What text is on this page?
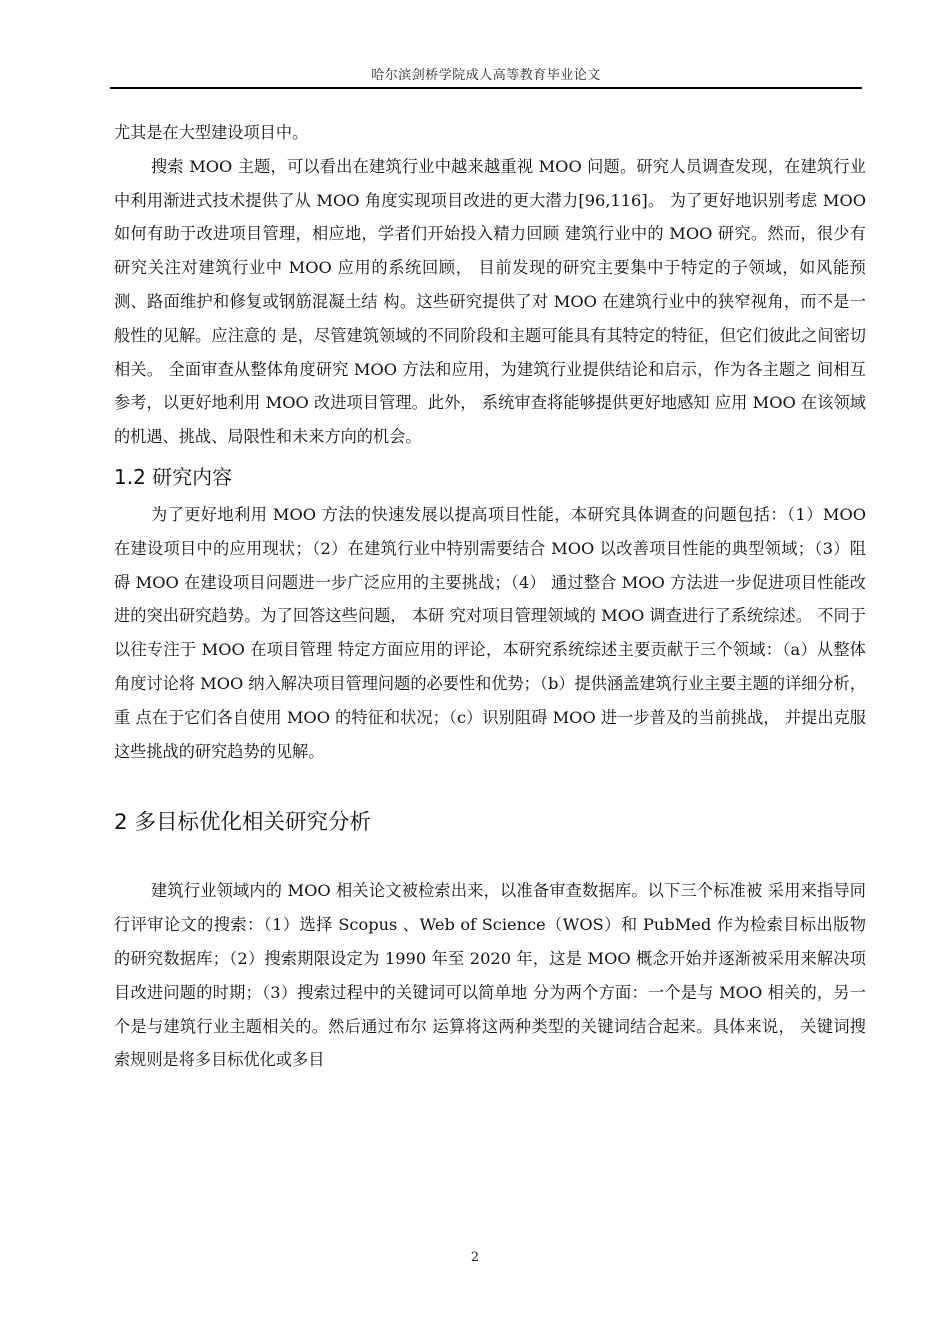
哈尔滨剑桥学院成人高等教育毕业论文

尤其是在大型建设项目中。

搜索 MOO 主题，可以看出在建筑行业中越来越重视 MOO 问题。研究人员调查发现，在建筑行业中利用渐进式技术提供了从 MOO 角度实现项目改进的更大潜力[96,116]。 为了更好地识别考虑 MOO 如何有助于改进项目管理，相应地，学者们开始投入精力回顾 建筑行业中的 MOO 研究。然而，很少有研究关注对建筑行业中 MOO 应用的系统回顾， 目前发现的研究主要集中于特定的子领域，如风能预测、路面维护和修复或钢筋混凝土结 构。这些研究提供了对 MOO 在建筑行业中的狭窄视角，而不是一般性的见解。应注意的 是，尽管建筑领域的不同阶段和主题可能具有其特定的特征，但它们彼此之间密切相关。 全面审查从整体角度研究 MOO 方法和应用，为建筑行业提供结论和启示，作为各主题之 间相互参考，以更好地利用 MOO 改进项目管理。此外， 系统审查将能够提供更好地感知 应用 MOO 在该领域的机遇、挑战、局限性和未来方向的机会。

1.2 研究内容

为了更好地利用 MOO 方法的快速发展以提高项目性能，本研究具体调查的问题包括：（1）MOO 在建设项目中的应用现状；（2）在建筑行业中特别需要结合 MOO 以改善项目性能的典型领域；（3）阻碍 MOO 在建设项目问题进一步广泛应用的主要挑战；（4） 通过整合 MOO 方法进一步促进项目性能改进的突出研究趋势。为了回答这些问题， 本研 究对项目管理领域的 MOO 调查进行了系统综述。 不同于以往专注于 MOO 在项目管理 特定方面应用的评论，本研究系统综述主要贡献于三个领域：（a）从整体角度讨论将 MOO 纳入解决项目管理问题的必要性和优势；（b）提供涵盖建筑行业主要主题的详细分析，重 点在于它们各自使用 MOO 的特征和状况；（c）识别阻碍 MOO 进一步普及的当前挑战， 并提出克服这些挑战的研究趋势的见解。

2 多目标优化相关研究分析

建筑行业领域内的 MOO 相关论文被检索出来，以准备审查数据库。以下三个标准被 采用来指导同行评审论文的搜索：（1）选择 Scopus 、Web of Science（WOS）和 PubMed 作为检索目标出版物的研究数据库；（2）搜索期限设定为 1990 年至 2020 年，这是 MOO 概念开始并逐渐被采用来解决项目改进问题的时期；（3）搜索过程中的关键词可以简单地 分为两个方面：一个是与 MOO 相关的，另一个是与建筑行业主题相关的。然后通过布尔 运算将这两种类型的关键词结合起来。具体来说， 关键词搜索规则是将多目标优化或多目

2
